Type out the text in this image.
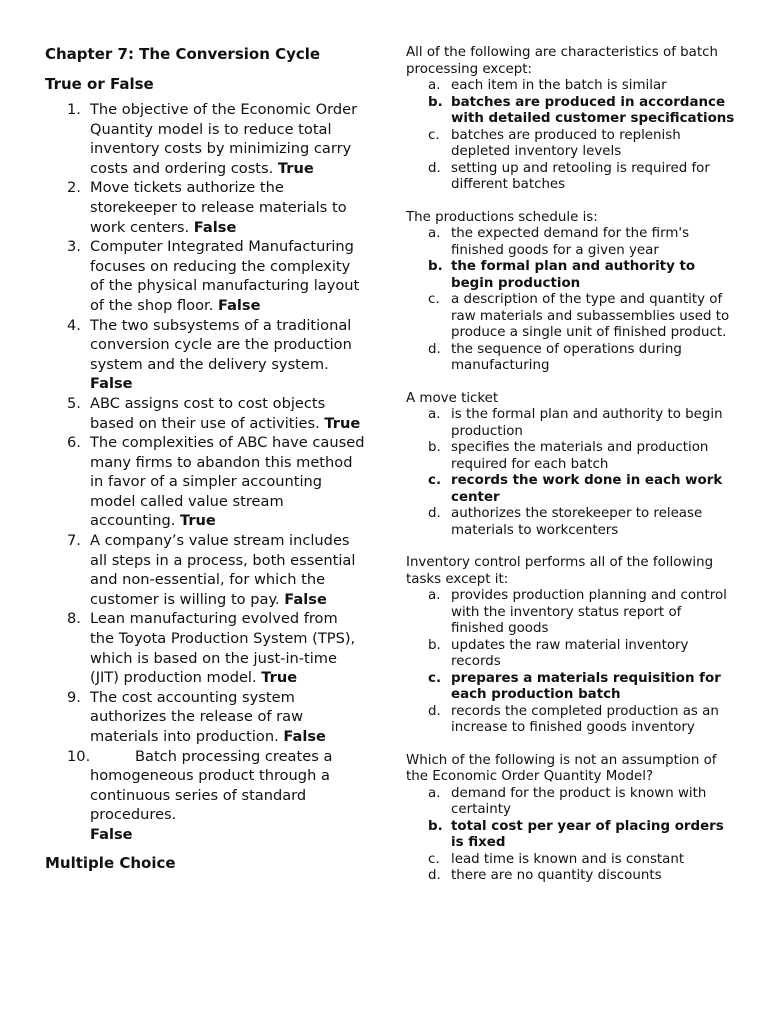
Chapter 7: The Conversion Cycle
True or False
1. The objective of the Economic Order Quantity model is to reduce total inventory costs by minimizing carry costs and ordering costs. True
2. Move tickets authorize the storekeeper to release materials to work centers. False
3. Computer Integrated Manufacturing focuses on reducing the complexity of the physical manufacturing layout of the shop floor. False
4. The two subsystems of a traditional conversion cycle are the production system and the delivery system. False
5. ABC assigns cost to cost objects based on their use of activities. True
6. The complexities of ABC have caused many firms to abandon this method in favor of a simpler accounting model called value stream accounting. True
7. A company’s value stream includes all steps in a process, both essential and non-essential, for which the customer is willing to pay. False
8. Lean manufacturing evolved from the Toyota Production System (TPS), which is based on the just-in-time (JIT) production model. True
9. The cost accounting system authorizes the release of raw materials into production. False
10.	Batch processing creates a homogeneous product through a continuous series of standard procedures. False
Multiple Choice

All of the following are characteristics of batch processing except:

a. each item in the batch is similar
b. batches are produced in accordance with detailed customer specifications
c. batches are produced to replenish depleted inventory levels
d. setting up and retooling is required for different batches

The productions schedule is:

a. the expected demand for the firm's finished goods for a given year
b. the formal plan and authority to begin production
c. a description of the type and quantity of raw materials and subassemblies used to produce a single unit of finished product.
d. the sequence of operations during manufacturing

A move ticket

a. is the formal plan and authority to begin production
b. specifies the materials and production required for each batch
c. records the work done in each work center
d. authorizes the storekeeper to release materials to workcenters

Inventory control performs all of the following tasks except it:

a. provides production planning and control with the inventory status report of finished goods
b. updates the raw material inventory records
c. prepares a materials requisition for each production batch
d. records the completed production as an increase to finished goods inventory

Which of the following is not an assumption of the Economic Order Quantity Model?

a. demand for the product is known with certainty
b. total cost per year of placing orders is fixed
c. lead time is known and is constant
d. there are no quantity discounts
